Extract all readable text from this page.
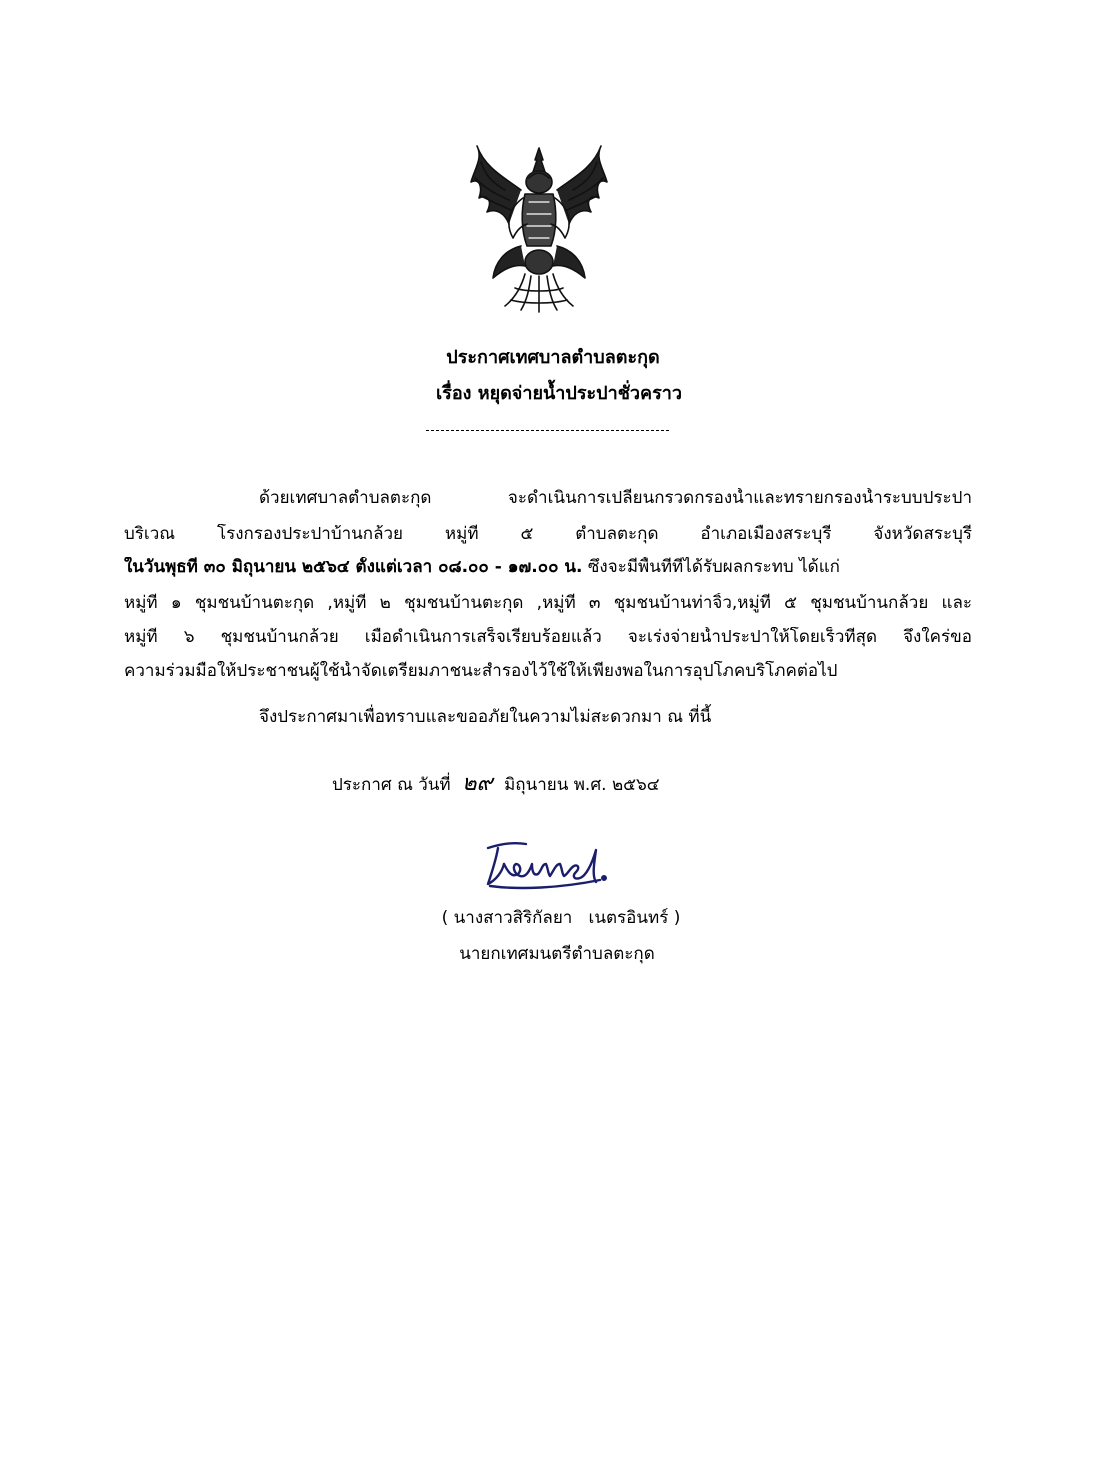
ประกาศเทศบาลตำบลตะกุด
เรื่อง หยุดจ่ายน้ำประปาชั่วคราว
ด้วยเทศบาลตำบลตะกุด จะดำเนินการเปลี่ยนกรวดกรองน้ำและทรายกรองน้ำระบบประปา
บริเวณ โรงกรองประปาบ้านกล้วย หมู่ที่ ๕ ตำบลตะกุด อำเภอเมืองสระบุรี จังหวัดสระบุรี
ในวันพุธที่ ๓๐ มิถุนายน ๒๕๖๔ ตั้งแต่เวลา ๐๘.๐๐ - ๑๗.๐๐ น. ซึ่งจะมีพื้นที่ที่ได้รับผลกระทบ ได้แก่
หมู่ที่ ๑ ชุมชนบ้านตะกุด ,หมู่ที่ ๒ ชุมชนบ้านตะกุด ,หมู่ที่ ๓ ชุมชนบ้านท่าจิ้ว,หมู่ที่ ๕ ชุมชนบ้านกล้วย และ
หมู่ที่ ๖ ชุมชนบ้านกล้วย เมื่อดำเนินการเสร็จเรียบร้อยแล้ว จะเร่งจ่ายน้ำประปาให้โดยเร็วที่สุด จึงใคร่ขอ
ความร่วมมือให้ประชาชนผู้ใช้น้ำจัดเตรียมภาชนะสำรองไว้ใช้ให้เพียงพอในการอุปโภคบริโภคต่อไป
จึงประกาศมาเพื่อทราบและขออภัยในความไม่สะดวกมา ณ ที่นี้
ประกาศ ณ วันที่ ๒๙ มิถุนายน พ.ศ. ๒๕๖๔
( นางสาวสิริกัลยา   เนตรอินทร์ )
นายกเทศมนตรีตำบลตะกุด
